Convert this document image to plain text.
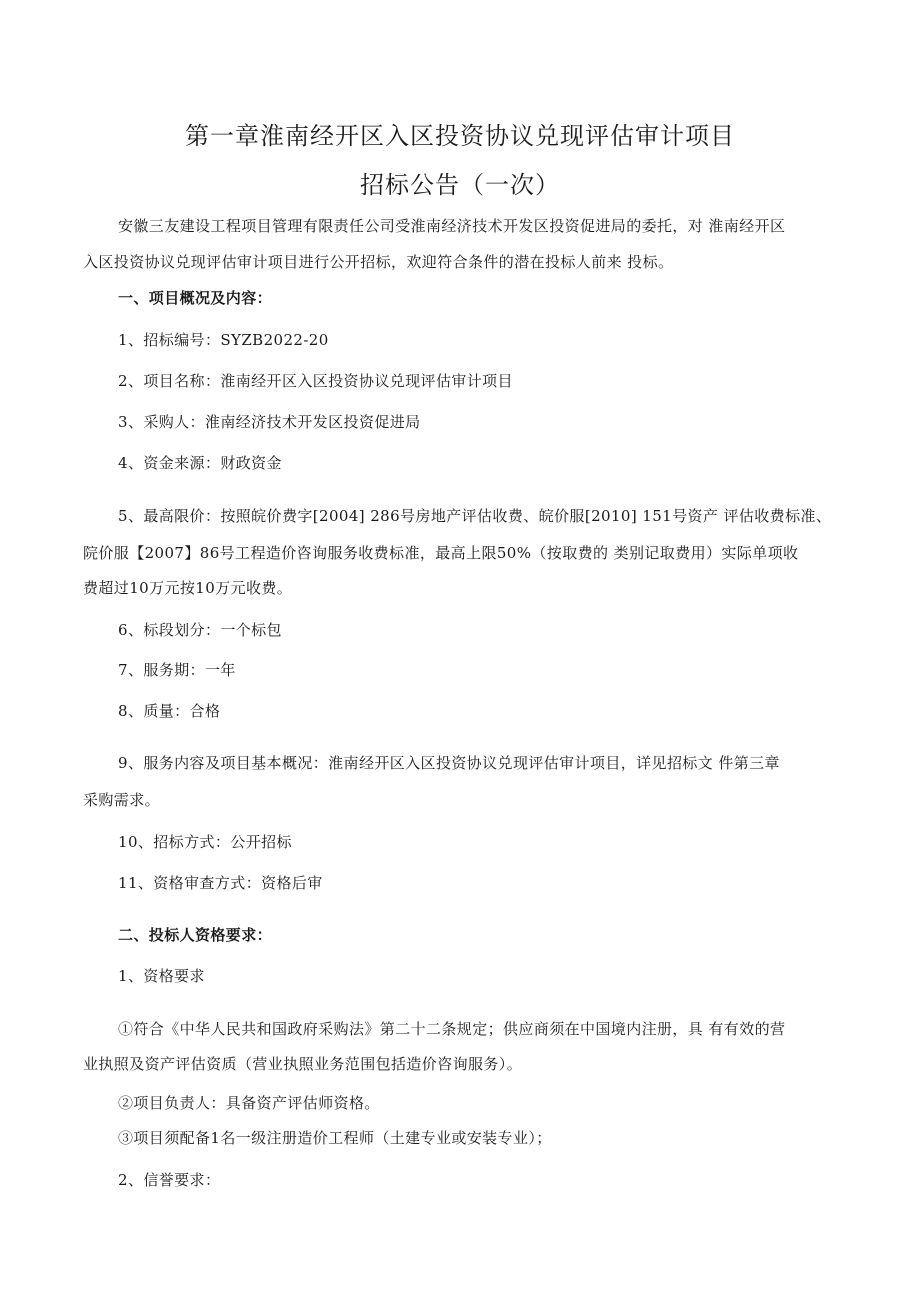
第一章淮南经开区入区投资协议兑现评估审计项目
招标公告（一次）
安徽三友建设工程项目管理有限责任公司受淮南经济技术开发区投资促进局的委托，对 淮南经开区
入区投资协议兑现评估审计项目进行公开招标，欢迎符合条件的潜在投标人前来 投标。
一、项目概况及内容：
1、招标编号：SYZB2022-20
2、项目名称：淮南经开区入区投资协议兑现评估审计项目
3、采购人：淮南经济技术开发区投资促进局
4、资金来源：财政资金
5、最高限价：按照皖价费字[2004] 286号房地产评估收费、皖价服[2010] 151号资产 评估收费标准、
院价服【2007】86号工程造价咨询服务收费标准，最高上限50%（按取费的 类别记取费用）实际单项收
费超过10万元按10万元收费。
6、标段划分：一个标包
7、服务期：一年
8、质量：合格
9、服务内容及项目基本概况：淮南经开区入区投资协议兑现评估审计项目，详见招标文 件第三章
采购需求。
10、招标方式：公开招标
11、资格审查方式：资格后审
二、投标人资格要求：
1、资格要求
①符合《中华人民共和国政府采购法》第二十二条规定；供应商须在中国境内注册，具 有有效的营
业执照及资产评估资质（营业执照业务范围包括造价咨询服务）。
②项目负责人：具备资产评估师资格。
③项目须配备1名一级注册造价工程师（土建专业或安装专业）；
2、信誉要求：
